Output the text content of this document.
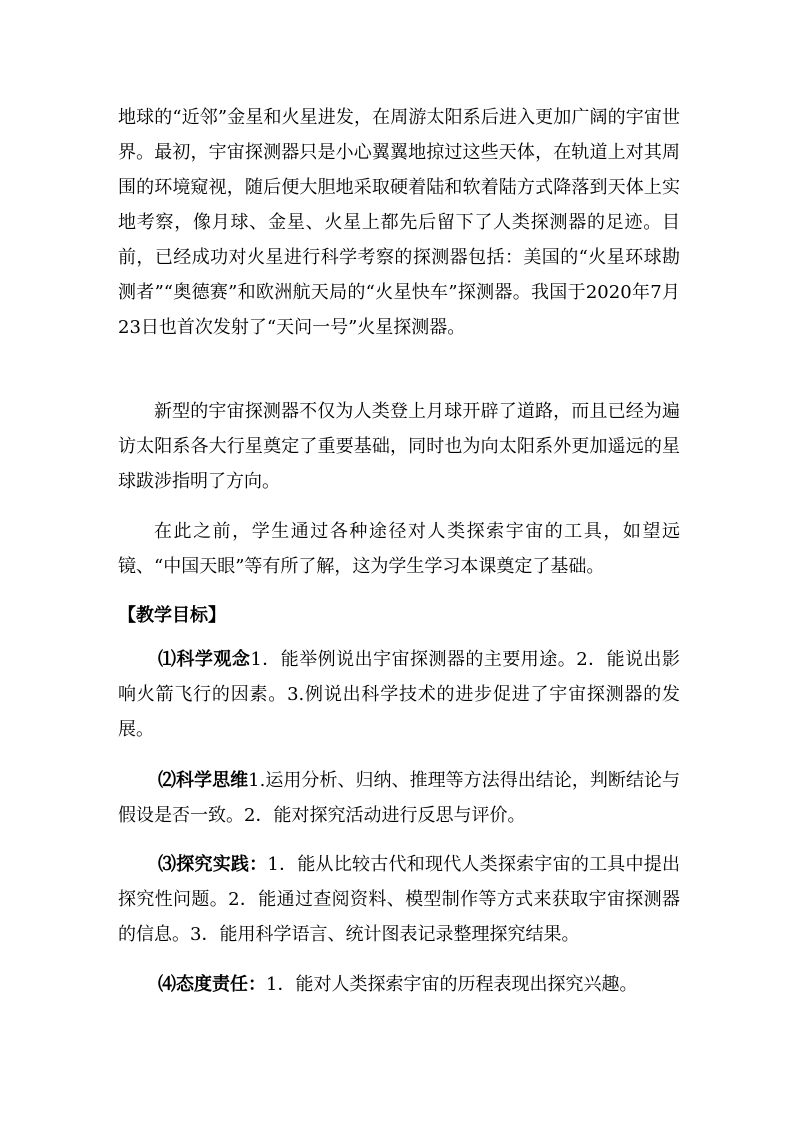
地球的“近邻”金星和火星进发，在周游太阳系后进入更加广阔的宇宙世界。最初，宇宙探测器只是小心翼翼地掠过这些天体，在轨道上对其周围的环境窥视，随后便大胆地采取硬着陆和软着陆方式降落到天体上实地考察，像月球、金星、火星上都先后留下了人类探测器的足迹。目前，已经成功对火星进行科学考察的探测器包括：美国的“火星环球勘测者”“奥德赛”和欧洲航天局的“火星快车”探测器。我国于2020年7月23日也首次发射了“天问一号”火星探测器。
新型的宇宙探测器不仅为人类登上月球开辟了道路，而且已经为遍访太阳系各大行星奠定了重要基础，同时也为向太阳系外更加遥远的星球跋涉指明了方向。
在此之前，学生通过各种途径对人类探索宇宙的工具，如望远镜、“中国天眼”等有所了解，这为学生学习本课奠定了基础。
【教学目标】
⑴科学观念1．能举例说出宇宙探测器的主要用途。2．能说出影响火箭飞行的因素。3.例说出科学技术的进步促进了宇宙探测器的发展。
⑵科学思维1.运用分析、归纳、推理等方法得出结论，判断结论与假设是否一致。2．能对探究活动进行反思与评价。
⑶探究实践：1．能从比较古代和现代人类探索宇宙的工具中提出探究性问题。2．能通过查阅资料、模型制作等方式来获取宇宙探测器的信息。3．能用科学语言、统计图表记录整理探究结果。
⑷态度责任：1．能对人类探索宇宙的历程表现出探究兴趣。
